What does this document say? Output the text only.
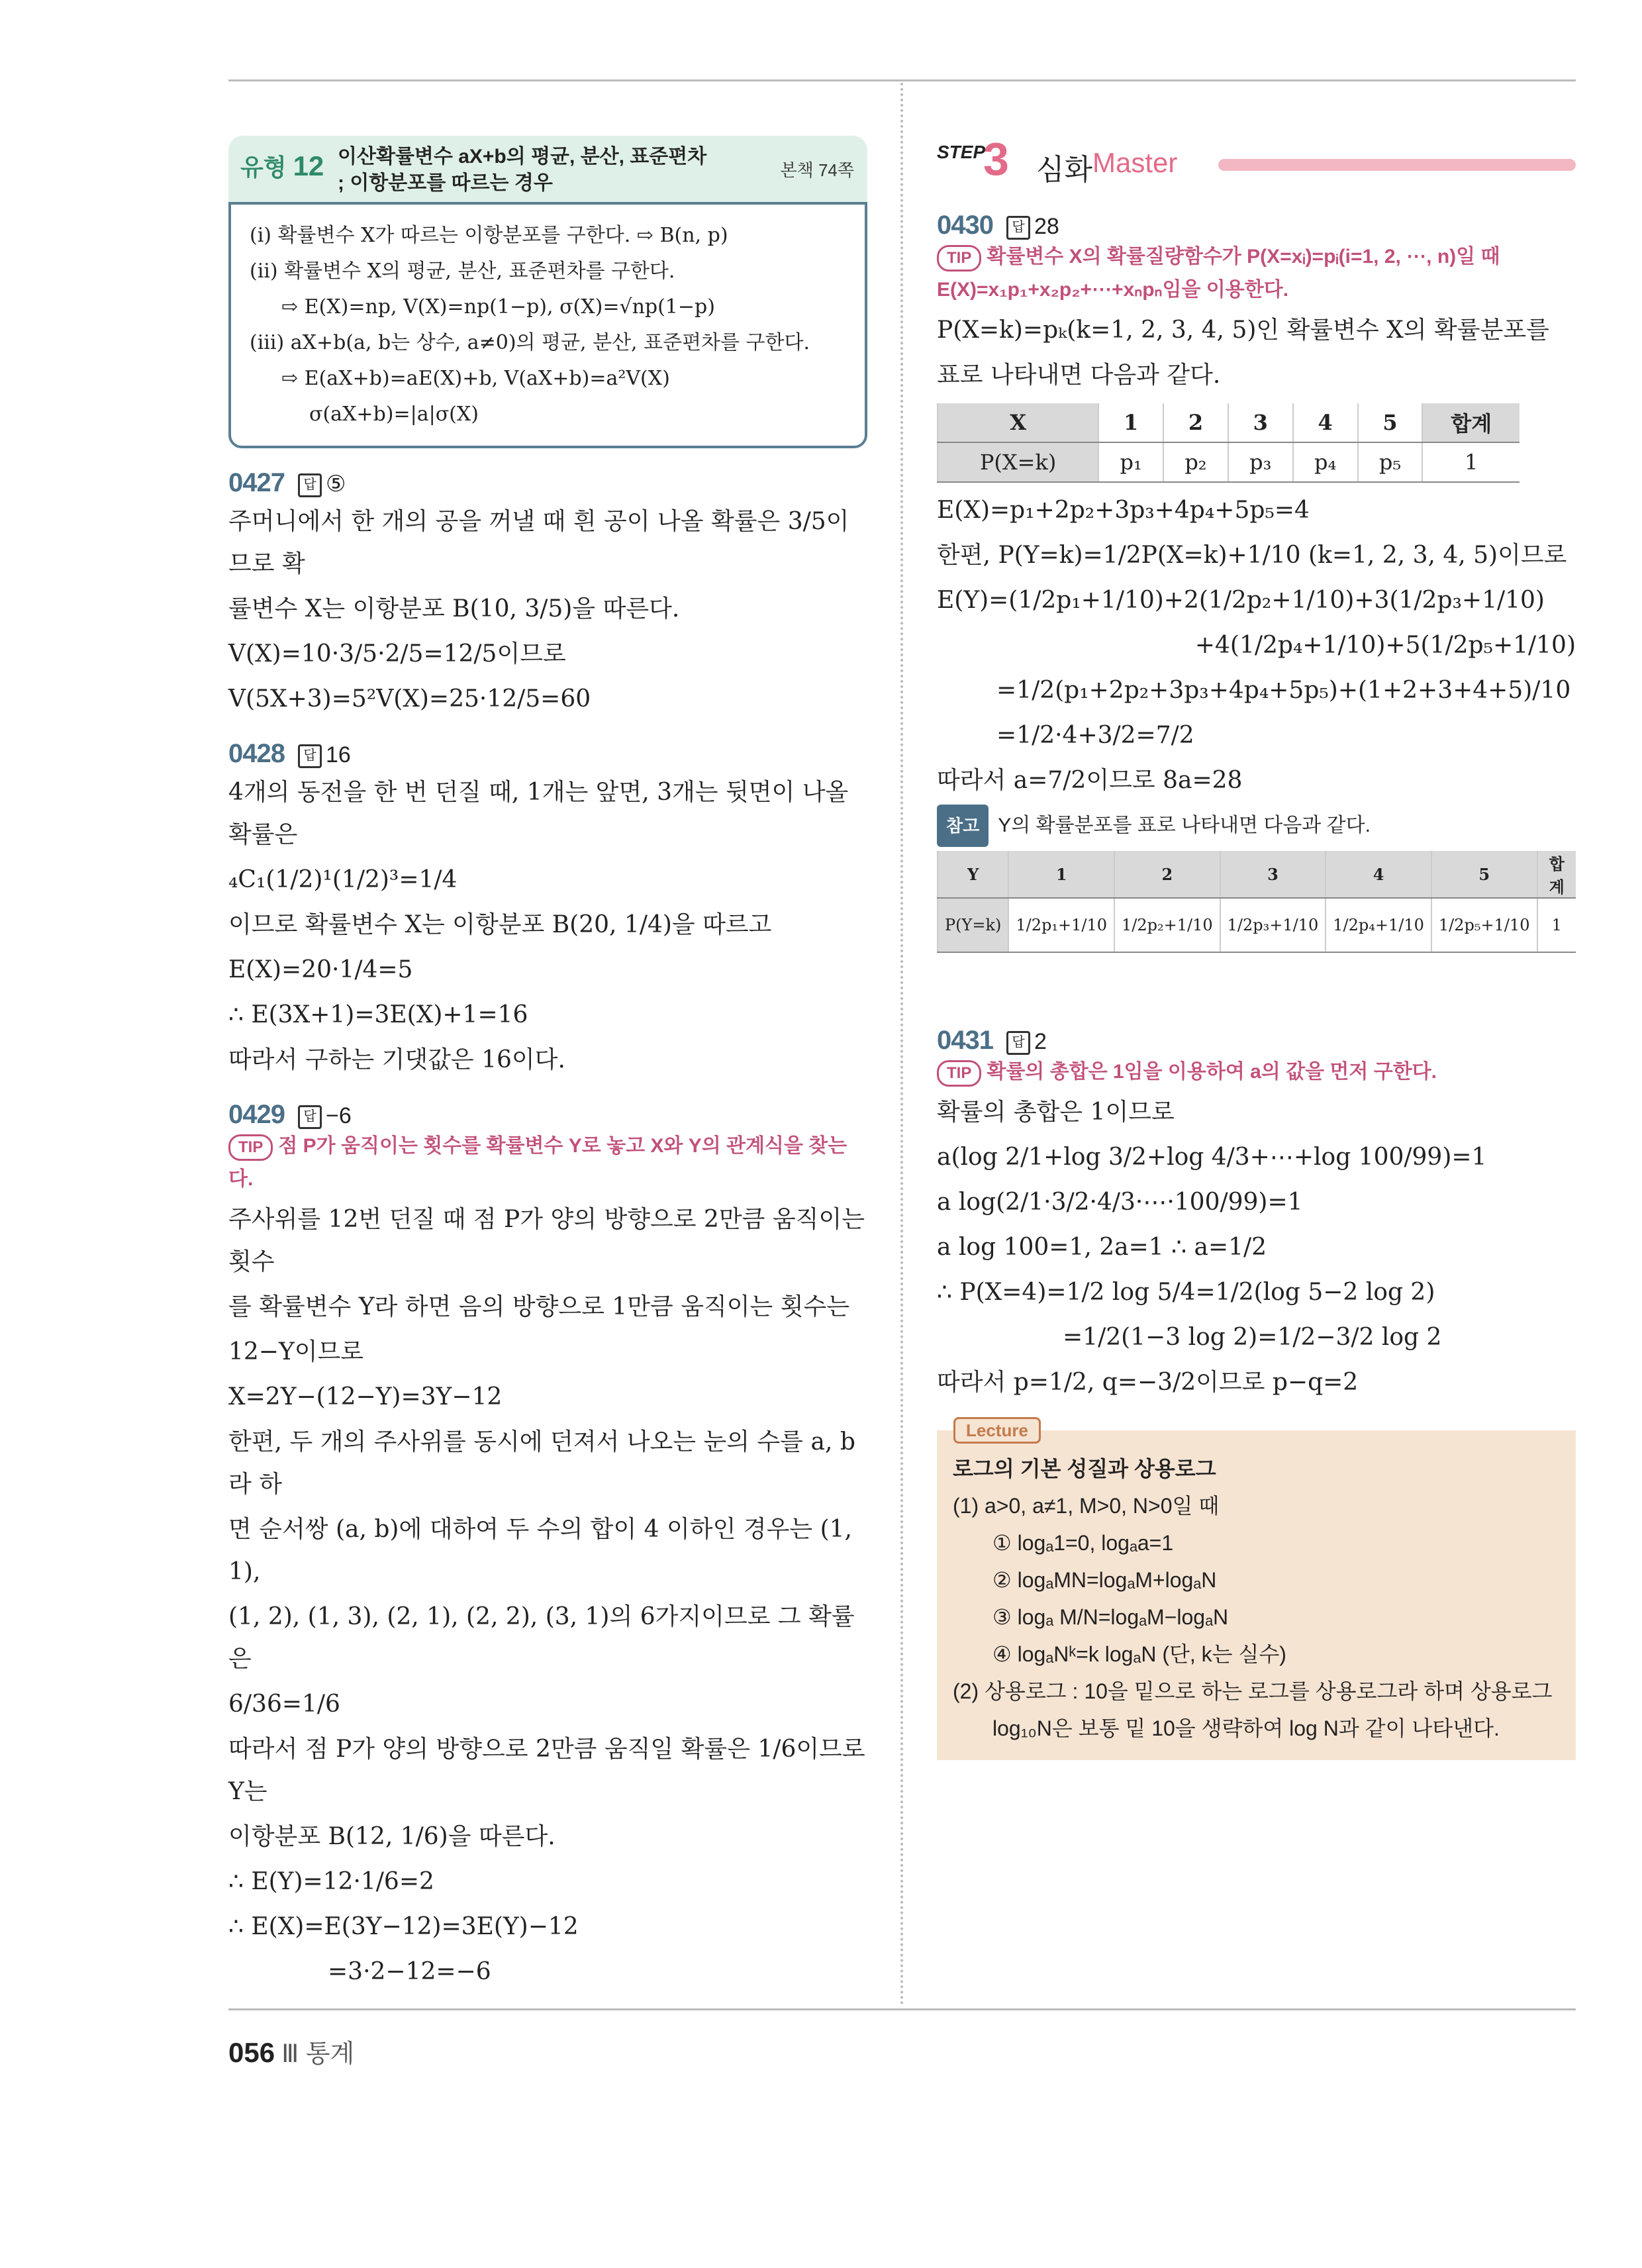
유형 12 이산확률변수 aX+b의 평균, 분산, 표준편차
; 이항분포를 따르는 경우
본책 74쪽
(i) 확률변수 X가 따르는 이항분포를 구한다. ⇨ B(n, p)
(ii) 확률변수 X의 평균, 분산, 표준편차를 구한다.
⇨ E(X)=np, V(X)=np(1−p), σ(X)=√np(1−p)
(iii) aX+b(a, b는 상수, a≠0)의 평균, 분산, 표준편차를 구한다.
⇨ E(aX+b)=aE(X)+b, V(aX+b)=a²V(X)
σ(aX+b)=|a|σ(X)
0427 답 ⑤
주머니에서 한 개의 공을 꺼낼 때 흰 공이 나올 확률은 3/5이므로 확
률변수 X는 이항분포 B(10, 3/5)을 따른다.
V(X)=10·3/5·2/5=12/5이므로
V(5X+3)=5²V(X)=25·12/5=60
0428 답 16
4개의 동전을 한 번 던질 때, 1개는 앞면, 3개는 뒷면이 나올 확률은
₄C₁(1/2)¹(1/2)³=1/4
이므로 확률변수 X는 이항분포 B(20, 1/4)을 따르고
E(X)=20·1/4=5
∴ E(3X+1)=3E(X)+1=16
따라서 구하는 기댓값은 16이다.
0429 답 −6
TIP 점 P가 움직이는 횟수를 확률변수 Y로 놓고 X와 Y의 관계식을 찾는다.
주사위를 12번 던질 때 점 P가 양의 방향으로 2만큼 움직이는 횟수
를 확률변수 Y라 하면 음의 방향으로 1만큼 움직이는 횟수는
12−Y이므로
X=2Y−(12−Y)=3Y−12
한편, 두 개의 주사위를 동시에 던져서 나오는 눈의 수를 a, b라 하
면 순서쌍 (a, b)에 대하여 두 수의 합이 4 이하인 경우는 (1, 1),
(1, 2), (1, 3), (2, 1), (2, 2), (3, 1)의 6가지이므로 그 확률은
6/36=1/6
따라서 점 P가 양의 방향으로 2만큼 움직일 확률은 1/6이므로 Y는
이항분포 B(12, 1/6)을 따른다.
∴ E(Y)=12·1/6=2
∴ E(X)=E(3Y−12)=3E(Y)−12
=3·2−12=−6
STEP
3 심화 Master
0430 답 28
TIP 확률변수 X의 확률질량함수가 P(X=xᵢ)=pᵢ(i=1, 2, ⋯, n)일 때 E(X)=x₁p₁+x₂p₂+⋯+xₙpₙ임을 이용한다.
P(X=k)=pₖ(k=1, 2, 3, 4, 5)인 확률변수 X의 확률분포를
표로 나타내면 다음과 같다.
X	1	2	3	4	5	합계
P(X=k)	p₁	p₂	p₃	p₄	p₅	1
E(X)=p₁+2p₂+3p₃+4p₄+5p₅=4
한편, P(Y=k)=1/2P(X=k)+1/10 (k=1, 2, 3, 4, 5)이므로
E(Y)=(1/2p₁+1/10)+2(1/2p₂+1/10)+3(1/2p₃+1/10)
+4(1/2p₄+1/10)+5(1/2p₅+1/10)
=1/2(p₁+2p₂+3p₃+4p₄+5p₅)+(1+2+3+4+5)/10
=1/2·4+3/2=7/2
따라서 a=7/2이므로 8a=28
참고 Y의 확률분포를 표로 나타내면 다음과 같다.
Y	1	2	3	4	5	합계
P(Y=k)	1/2p₁+1/10	1/2p₂+1/10	1/2p₃+1/10	1/2p₄+1/10	1/2p₅+1/10	1
0431 답 2
TIP 확률의 총합은 1임을 이용하여 a의 값을 먼저 구한다.
확률의 총합은 1이므로
a(log 2/1+log 3/2+log 4/3+⋯+log 100/99)=1
a log(2/1·3/2·4/3·⋯·100/99)=1
a log 100=1, 2a=1 ∴ a=1/2
∴ P(X=4)=1/2 log 5/4=1/2(log 5−2 log 2)
=1/2(1−3 log 2)=1/2−3/2 log 2
따라서 p=1/2, q=−3/2이므로 p−q=2
Lecture
로그의 기본 성질과 상용로그
(1) a>0, a≠1, M>0, N>0일 때
① logₐ1=0, logₐa=1
② logₐMN=logₐM+logₐN
③ logₐ M/N=logₐM−logₐN
④ logₐNᵏ=k logₐN (단, k는 실수)
(2) 상용로그 : 10을 밑으로 하는 로그를 상용로그라 하며 상용로그
log₁₀N은 보통 밑 10을 생략하여 log N과 같이 나타낸다.
056 Ⅲ 통계
